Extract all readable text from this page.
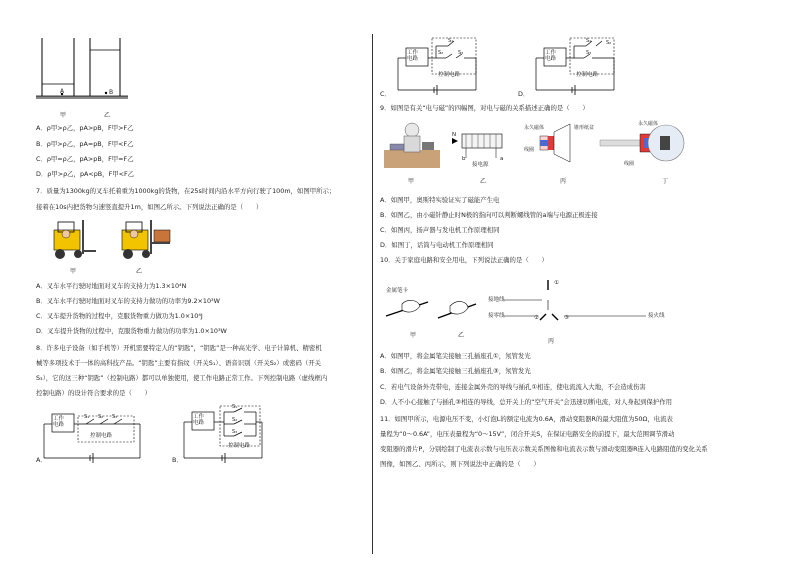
A	B
甲	乙
A．ρ甲>ρ乙，pA>pB，F甲>F乙
B．ρ甲>ρ乙，pA=pB，F甲<F乙
C．ρ甲=ρ乙，pA>pB，F甲=F乙
D．ρ甲>ρ乙，pA<pB，F甲<F乙
7．质量为1300kg的叉车托着重为1000kg的货物，在25s时间内沿水平方向行驶了100m，如图甲所示；
接着在10s内把货物匀速竖直提升1m，如图乙所示。下列说法正确的是（　　）
甲	乙
A．叉车水平行驶时地面对叉车的支持力为1.3×10⁴N
B．叉车水平行驶时地面对叉车的支持力做功的功率为9.2×10³W
C．叉车提升货物的过程中，克服货物重力做功为1.0×10⁴J
D．叉车提升货物的过程中，克服货物重力做功的功率为1.0×10³W
8．许多电子设备（如手机等）开机需要特定人的“钥匙”，“钥匙”是一种高光学、电子计算机、精密机
械等多项技术于一体的高科技产品。“钥匙”主要有指纹（开关S₁）、语音识别（开关S₂）或密码（开关
S₃），它的这三种“钥匙”（控制电路）都可以单独使用，使工作电路正常工作。下列控制电路（虚线框内
控制电路）的设计符合要求的是（　　）
工作
电路
控制电路
S₁ S₂ S₃
A．
工作
电路
控制电路
S₁
S₂
S₃
B．
工作
电路
控制电路
S₁
S₂	S₃
C．
工作
电路
控制电路
S₁	S₂
S₃
D．
9．如图是有关“电与磁”的四幅图，对电与磁的关系描述正确的是（　　）
甲
N
b	a
接电源
乙
永久磁体
线圈
锥形纸盆
丙
永久磁体
线圈
丁
A．如图甲，奥斯特实验证实了磁能产生电
B．如图乙，由小磁针静止时N极的指向可以判断螺线管的a端与电源正极连接
C．如图丙，扬声器与发电机工作原理相同
D．如图丁，话筒与电动机工作原理相同
10．关于家庭电路和安全用电，下列说法正确的是（　　）
金属笔卡
甲	乙
接地线
接零线	接火线
①
②	③
丙
A．如图甲，将金属笔尖接触三孔插座孔①，氖管发光
B．如图乙，将金属笔尖接触三孔插座孔③，氖管发光
C．若电气设备外壳带电，连接金属外壳的导线与插孔①相连，使电流流入大地，不会造成伤害
D．人不小心接触了与插孔③相连的导线，总开关上的“空气开关”会迅速切断电流，对人身起到保护作用
11．如图甲所示，电源电压不变，小灯泡L的额定电流为0.6A，滑动变阻器R的最大阻值为50Ω，电流表
量程为“0～0.6A”，电压表量程为“0～15V”，闭合开关S，在保证电路安全的前提下，最大范围调节滑动
变阻器的滑片P，分别绘制了电流表示数与电压表示数关系图像和电流表示数与滑动变阻器R连入电路阻值的变化关系
图像，如图乙、丙所示，则下列说法中正确的是（　　）
